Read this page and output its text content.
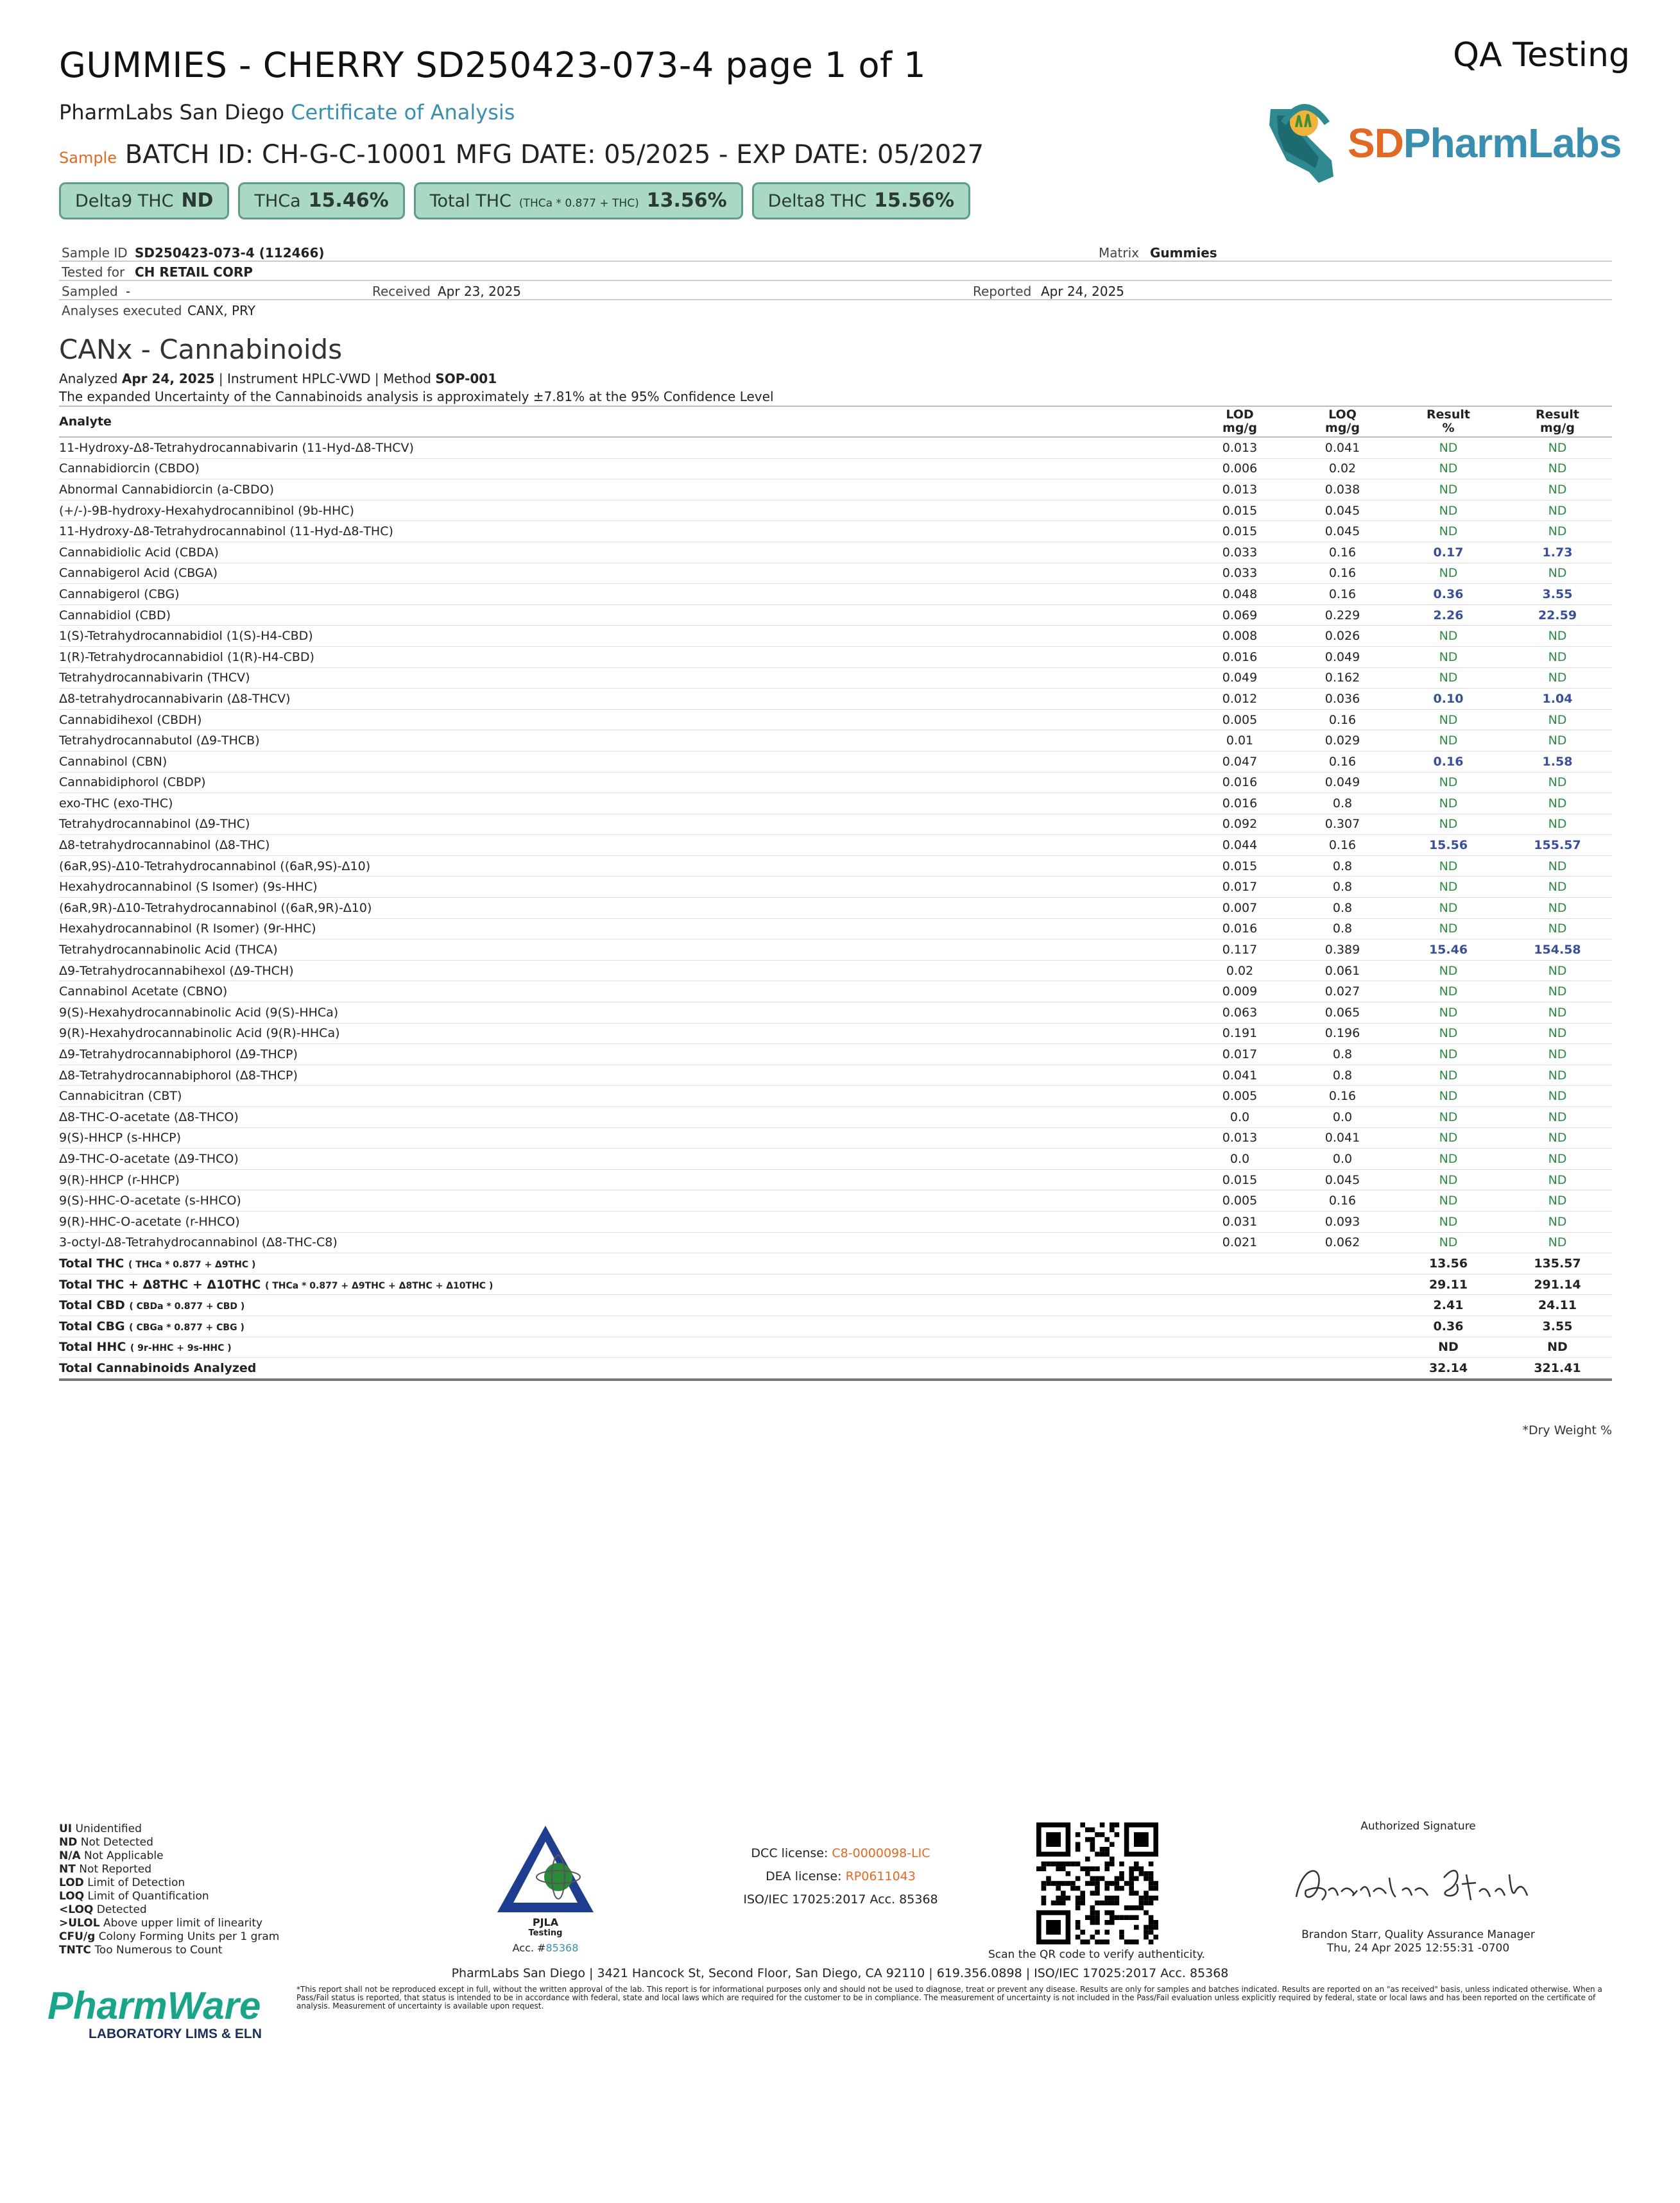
GUMMIES - CHERRY SD250423-073-4 page 1 of 1	QA Testing
PharmLabs San Diego Certificate of Analysis
Sample BATCH ID: CH-G-C-10001 MFG DATE: 05/2025 - EXP DATE: 05/2027
Delta9 THC ND THCa 15.46% Total THC (THCa * 0.877 + THC) 13.56% Delta8 THC 15.56%
SDPharmLabs
Sample ID SD250423-073-4 (112466)	Matrix Gummies
Tested for CH RETAIL CORP
Sampled -	Received Apr 23, 2025	Reported Apr 24, 2025
Analyses executed CANX, PRY
CANx - Cannabinoids
Analyzed Apr 24, 2025 | Instrument HPLC-VWD | Method SOP-001
The expanded Uncertainty of the Cannabinoids analysis is approximately ±7.81% at the 95% Confidence Level
Analyte	LOD mg/g	LOQ mg/g	Result %	Result mg/g
11-Hydroxy-Δ8-Tetrahydrocannabivarin (11-Hyd-Δ8-THCV)	0.013	0.041	ND	ND
Cannabidiorcin (CBDO)	0.006	0.02	ND	ND
Abnormal Cannabidiorcin (a-CBDO)	0.013	0.038	ND	ND
(+/-)-9B-hydroxy-Hexahydrocannibinol (9b-HHC)	0.015	0.045	ND	ND
11-Hydroxy-Δ8-Tetrahydrocannabinol (11-Hyd-Δ8-THC)	0.015	0.045	ND	ND
Cannabidiolic Acid (CBDA)	0.033	0.16	0.17	1.73
Cannabigerol Acid (CBGA)	0.033	0.16	ND	ND
Cannabigerol (CBG)	0.048	0.16	0.36	3.55
Cannabidiol (CBD)	0.069	0.229	2.26	22.59
1(S)-Tetrahydrocannabidiol (1(S)-H4-CBD)	0.008	0.026	ND	ND
1(R)-Tetrahydrocannabidiol (1(R)-H4-CBD)	0.016	0.049	ND	ND
Tetrahydrocannabivarin (THCV)	0.049	0.162	ND	ND
Δ8-tetrahydrocannabivarin (Δ8-THCV)	0.012	0.036	0.10	1.04
Cannabidihexol (CBDH)	0.005	0.16	ND	ND
Tetrahydrocannabutol (Δ9-THCB)	0.01	0.029	ND	ND
Cannabinol (CBN)	0.047	0.16	0.16	1.58
Cannabidiphorol (CBDP)	0.016	0.049	ND	ND
exo-THC (exo-THC)	0.016	0.8	ND	ND
Tetrahydrocannabinol (Δ9-THC)	0.092	0.307	ND	ND
Δ8-tetrahydrocannabinol (Δ8-THC)	0.044	0.16	15.56	155.57
(6aR,9S)-Δ10-Tetrahydrocannabinol ((6aR,9S)-Δ10)	0.015	0.8	ND	ND
Hexahydrocannabinol (S Isomer) (9s-HHC)	0.017	0.8	ND	ND
(6aR,9R)-Δ10-Tetrahydrocannabinol ((6aR,9R)-Δ10)	0.007	0.8	ND	ND
Hexahydrocannabinol (R Isomer) (9r-HHC)	0.016	0.8	ND	ND
Tetrahydrocannabinolic Acid (THCA)	0.117	0.389	15.46	154.58
Δ9-Tetrahydrocannabihexol (Δ9-THCH)	0.02	0.061	ND	ND
Cannabinol Acetate (CBNO)	0.009	0.027	ND	ND
9(S)-Hexahydrocannabinolic Acid (9(S)-HHCa)	0.063	0.065	ND	ND
9(R)-Hexahydrocannabinolic Acid (9(R)-HHCa)	0.191	0.196	ND	ND
Δ9-Tetrahydrocannabiphorol (Δ9-THCP)	0.017	0.8	ND	ND
Δ8-Tetrahydrocannabiphorol (Δ8-THCP)	0.041	0.8	ND	ND
Cannabicitran (CBT)	0.005	0.16	ND	ND
Δ8-THC-O-acetate (Δ8-THCO)	0.0	0.0	ND	ND
9(S)-HHCP (s-HHCP)	0.013	0.041	ND	ND
Δ9-THC-O-acetate (Δ9-THCO)	0.0	0.0	ND	ND
9(R)-HHCP (r-HHCP)	0.015	0.045	ND	ND
9(S)-HHC-O-acetate (s-HHCO)	0.005	0.16	ND	ND
9(R)-HHC-O-acetate (r-HHCO)	0.031	0.093	ND	ND
3-octyl-Δ8-Tetrahydrocannabinol (Δ8-THC-C8)	0.021	0.062	ND	ND
Total THC ( THCa * 0.877 + Δ9THC )			13.56	135.57
Total THC + Δ8THC + Δ10THC ( THCa * 0.877 + Δ9THC + Δ8THC + Δ10THC )			29.11	291.14
Total CBD ( CBDa * 0.877 + CBD )			2.41	24.11
Total CBG ( CBGa * 0.877 + CBG )			0.36	3.55
Total HHC ( 9r-HHC + 9s-HHC )			ND	ND
Total Cannabinoids Analyzed			32.14	321.41
*Dry Weight %
UI Unidentified
ND Not Detected
N/A Not Applicable
NT Not Reported
LOD Limit of Detection
LOQ Limit of Quantification
<LOQ Detected
>ULOL Above upper limit of linearity
CFU/g Colony Forming Units per 1 gram
TNTC Too Numerous to Count
PJLA
Testing
Acc. #85368
DCC license: C8-0000098-LIC
DEA license: RP0611043
ISO/IEC 17025:2017 Acc. 85368
Scan the QR code to verify authenticity.
Authorized Signature
Brandon Starr, Quality Assurance Manager
Thu, 24 Apr 2025 12:55:31 -0700
PharmLabs San Diego | 3421 Hancock St, Second Floor, San Diego, CA 92110 | 619.356.0898 | ISO/IEC 17025:2017 Acc. 85368
*This report shall not be reproduced except in full, without the written approval of the lab. This report is for informational purposes only and should not be used to diagnose, treat or prevent any disease. Results are only for samples and batches indicated. Results are reported on an "as received" basis, unless indicated otherwise. When a Pass/Fail status is reported, that status is intended to be in accordance with federal, state and local laws which are required for the customer to be in compliance. The measurement of uncertainty is not included in the Pass/Fail evaluation unless explicitly required by federal, state or local laws and has been reported on the certificate of analysis. Measurement of uncertainty is available upon request.
PharmWare
LABORATORY LIMS & ELN
